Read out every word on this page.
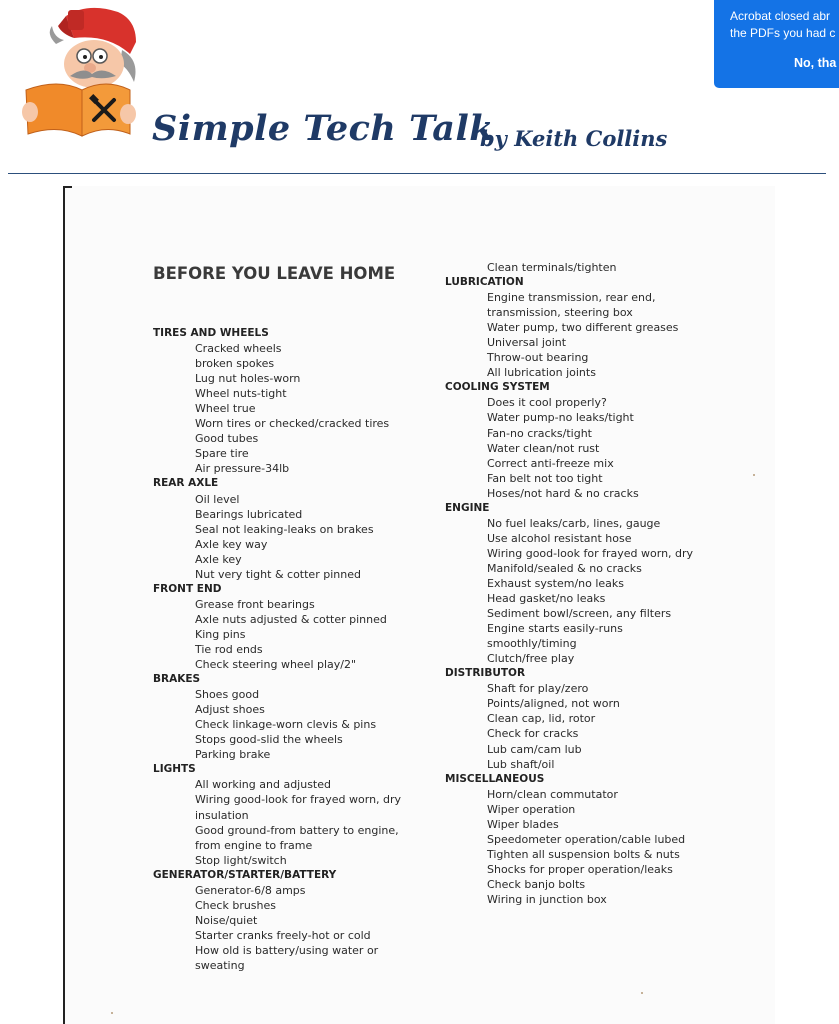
Simple Tech Talk
by Keith Collins
Acrobat closed abr
the PDFs you had c
No, tha
BEFORE YOU LEAVE HOME
TIRES AND WHEELS
Cracked wheels
broken spokes
Lug nut holes-worn
Wheel nuts-tight
Wheel true
Worn tires or checked/cracked tires
Good tubes
Spare tire
Air pressure-34lb
REAR AXLE
Oil level
Bearings lubricated
Seal not leaking-leaks on brakes
Axle key way
Axle key
Nut very tight & cotter pinned
FRONT END
Grease front bearings
Axle nuts adjusted & cotter pinned
King pins
Tie rod ends
Check steering wheel play/2"
BRAKES
Shoes good
Adjust shoes
Check linkage-worn clevis & pins
Stops good-slid the wheels
Parking brake
LIGHTS
All working and adjusted
Wiring good-look for frayed worn, dry
insulation
Good ground-from battery to engine,
from engine to frame
Stop light/switch
GENERATOR/STARTER/BATTERY
Generator-6/8 amps
Check brushes
Noise/quiet
Starter cranks freely-hot or cold
How old is battery/using water or
sweating
Clean terminals/tighten
LUBRICATION
Engine transmission, rear end,
transmission, steering box
Water pump, two different greases
Universal joint
Throw-out bearing
All lubrication joints
COOLING SYSTEM
Does it cool properly?
Water pump-no leaks/tight
Fan-no cracks/tight
Water clean/not rust
Correct anti-freeze mix
Fan belt not too tight
Hoses/not hard & no cracks
ENGINE
No fuel leaks/carb, lines, gauge
Use alcohol resistant hose
Wiring good-look for frayed worn, dry
Manifold/sealed & no cracks
Exhaust system/no leaks
Head gasket/no leaks
Sediment bowl/screen, any filters
Engine starts easily-runs
smoothly/timing
Clutch/free play
DISTRIBUTOR
Shaft for play/zero
Points/aligned, not worn
Clean cap, lid, rotor
Check for cracks
Lub cam/cam lub
Lub shaft/oil
MISCELLANEOUS
Horn/clean commutator
Wiper operation
Wiper blades
Speedometer operation/cable lubed
Tighten all suspension bolts & nuts
Shocks for proper operation/leaks
Check banjo bolts
Wiring in junction box
